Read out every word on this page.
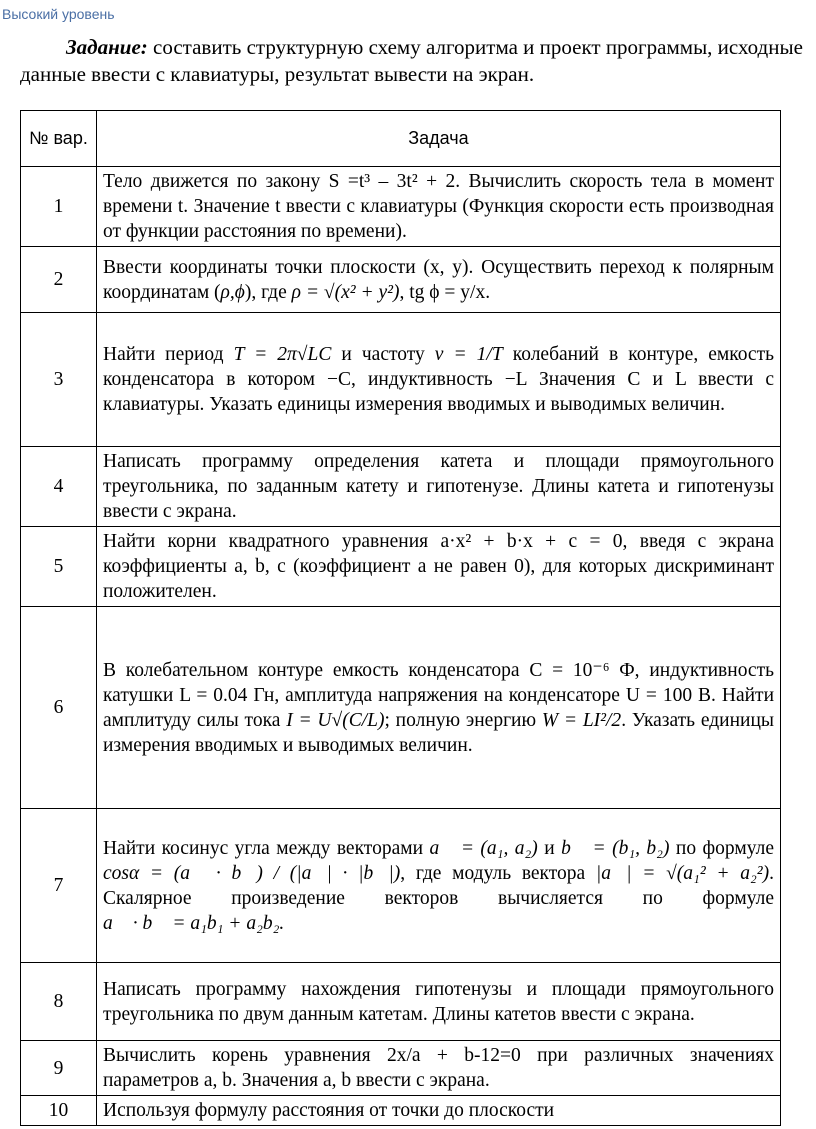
Высокий уровень
Задание: составить структурную схему алгоритма и проект программы, исходные данные ввести с клавиатуры, результат вывести на экран.
№ вар.	Задача
1	Тело движется по закону S =t³ – 3t² + 2. Вычислить скорость тела в момент времени t. Значение t ввести с клавиатуры (Функция скорости есть производная от функции расстояния по времени).
2	Ввести координаты точки плоскости (x, y). Осуществить переход к полярным координатам (ρ,ϕ), где ρ = √(x² + y²), tg ϕ = y/x.
3	Найти период T = 2π√LC и частоту ν = 1/T колебаний в контуре, емкость конденсатора в котором −C, индуктивность −L Значения C и L ввести с клавиатуры. Указать единицы измерения вводимых и выводимых величин.
4	Написать программу определения катета и площади прямоугольного треугольника, по заданным катету и гипотенузе. Длины катета и гипотенузы ввести с экрана.
5	Найти корни квадратного уравнения a·x² + b·x + c = 0, введя с экрана коэффициенты a, b, c (коэффициент a не равен 0), для которых дискриминант положителен.
6	В колебательном контуре емкость конденсатора C = 10⁻⁶ Ф, индуктивность катушки L = 0.04 Гн, амплитуда напряжения на конденсаторе U = 100 В. Найти амплитуду силы тока I = U√(C/L); полную энергию W = LI²/2. Указать единицы измерения вводимых и выводимых величин.
7	Найти косинус угла между векторами a⃗ = (a₁, a₂) и b⃗ = (b₁, b₂) по формуле cosα = (a⃗ · b⃗) / (|a⃗| · |b⃗|), где модуль вектора |a⃗| = √(a₁² + a₂²). Скалярное произведение векторов вычисляется по формуле a⃗ · b⃗ = a₁b₁ + a₂b₂.
8	Написать программу нахождения гипотенузы и площади прямоугольного треугольника по двум данным катетам. Длины катетов ввести с экрана.
9	Вычислить корень уравнения 2x/a + b-12=0 при различных значениях параметров a, b. Значения a, b ввести с экрана.
10	Используя формулу расстояния от точки до плоскости
